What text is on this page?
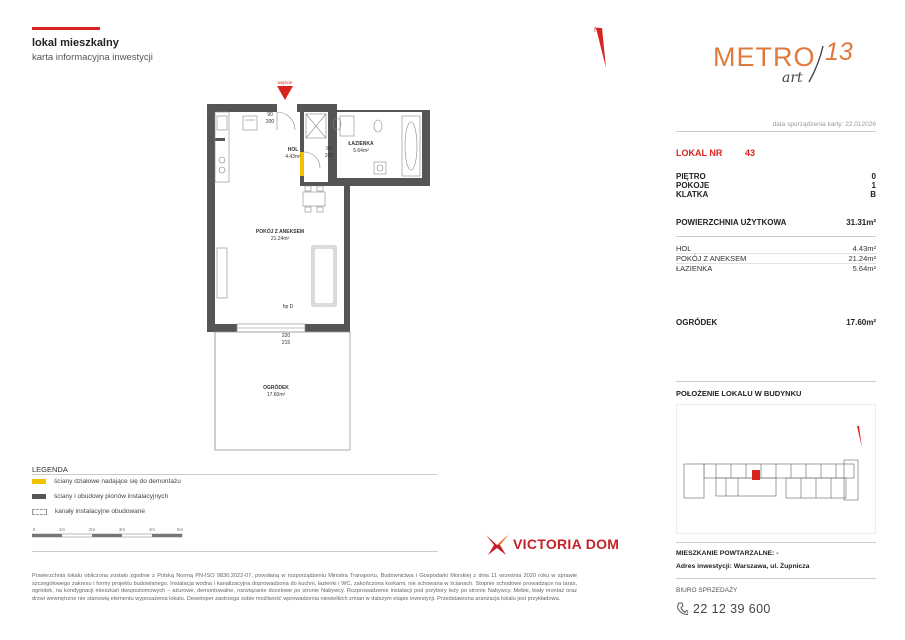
lokal mieszkalny
karta informacyjna inwestycji
N
METRO 13
art
data sporządzenia karty: 22.012026
LOKAL NR	43
PIĘTRO	0
POKOJE	1
KLATKA	B
POWIERZCHNIA UŻYTKOWA	31.31m²
HOL	4.43m²
POKÓJ Z ANEKSEM	21.24m²
ŁAZIENKA	5.64m²
OGRÓDEK	17.60m²
POŁOŻENIE LOKALU W BUDYNKU
MIESZKANIE POWTARZALNE: -
Adres inwestycji: Warszawa, ul. Żupnicza
BIURO SPRZEDAŻY
22 12 39 600
wejście
90
200
HOL
4.43m²
80
200
ŁAZIENKA
5.64m²
POKÓJ Z ANEKSEM
21.24m²
hp D
220
215
OGRÓDEK
17.60m²
LEGENDA
ściany działowe nadające się do demontażu
ściany i obudowy pionów instalacyjnych
kanały instalacyjne obudowane
0	1m	2m	3m	4m	5m
VICTORIA DOM
Powierzchnia lokalu obliczona zostało zgodnie z Polską Normą PN-ISO 9836:2022-07, powołaną w rozporządzeniu Ministra Transportu, Budownictwa i Gospodarki Morskiej z dnia 11 września 2020 roku w sprawie szczegółowego zakresu i formy projektu budowlanego. Instalacja wodna i kanalizacyjna doprowadzona do kuchni, łazienki i WC, zakończona korkami, nie schowana w ścianach. Stopnie schodowe prowadzące na taras, ogródek, na kondygnacji mieszkań dwupoziomowych – ażurowe, demontowalne, rozwiązanie docelowe po stronie Nabywcy. Rozprowadzenie instalacji pod przybory leży po stronie Nabywcy. Meble, biały montaż oraz drzwi wewnętrzne nie stanowią elementu wyposażenia lokalu. Deweloper zastrzega sobie możliwość wprowadzenia niewielkich zmian w dalszym etapie inwestycji. Przedstawiona aranżacja lokalu jest przykładowa.
